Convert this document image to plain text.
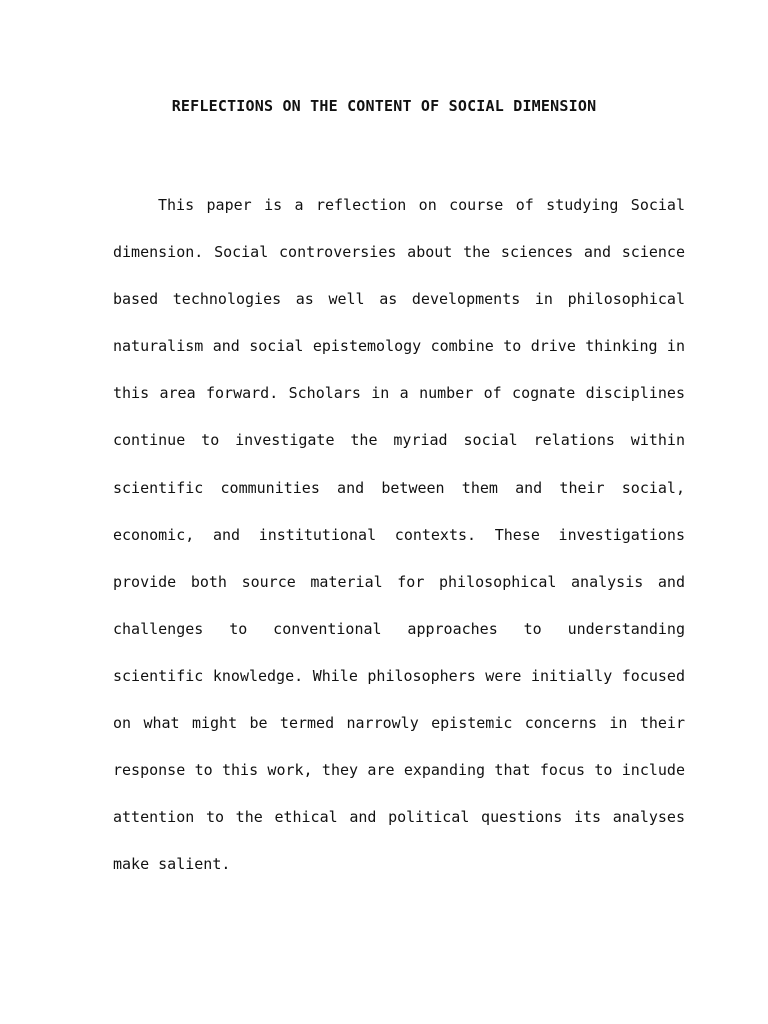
REFLECTIONS ON THE CONTENT OF SOCIAL DIMENSION
This paper is a reflection on course of studying Social
dimension. Social controversies about the sciences and science
based technologies as well as developments in philosophical
naturalism and social epistemology combine to drive thinking in
this area forward. Scholars in a number of cognate disciplines
continue to investigate the myriad social relations within
scientific communities and between them and their social,
economic, and institutional contexts. These investigations
provide both source material for philosophical analysis and
challenges to conventional approaches to understanding
scientific knowledge. While philosophers were initially focused
on what might be termed narrowly epistemic concerns in their
response to this work, they are expanding that focus to include
attention to the ethical and political questions its analyses
make salient.
